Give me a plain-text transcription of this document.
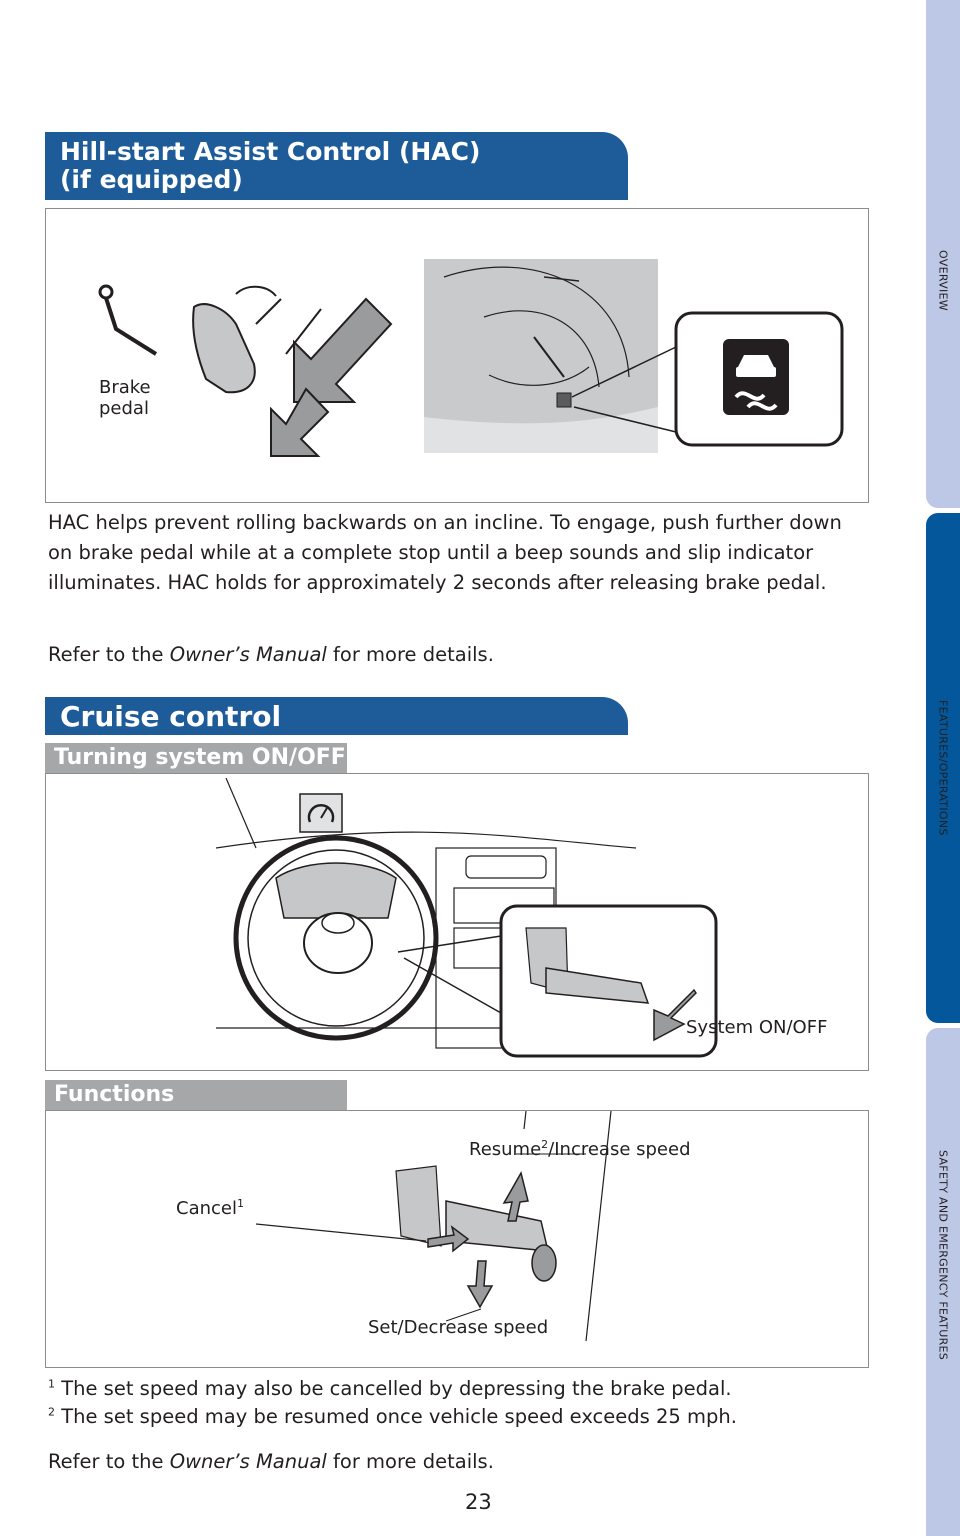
OVERVIEW
FEATURES/OPERATIONS
SAFETY AND EMERGENCY FEATURES
Hill-start Assist Control (HAC)
(if equipped)
Brake
pedal

HAC helps prevent rolling backwards on an incline. To engage, push further down on brake pedal while at a complete stop until a beep sounds and slip indicator illuminates. HAC holds for approximately 2 seconds after releasing brake pedal.

Refer to the Owner’s Manual for more details.

Cruise control
Turning system ON/OFF
System ON/OFF
Functions
Resume$^2$/Increase speed
Cancel$^1$
Set/Decrease speed
$^1$ The set speed may also be cancelled by depressing the brake pedal.
$^2$ The set speed may be resumed once vehicle speed exceeds 25 mph.
Refer to the Owner’s Manual for more details.
23
